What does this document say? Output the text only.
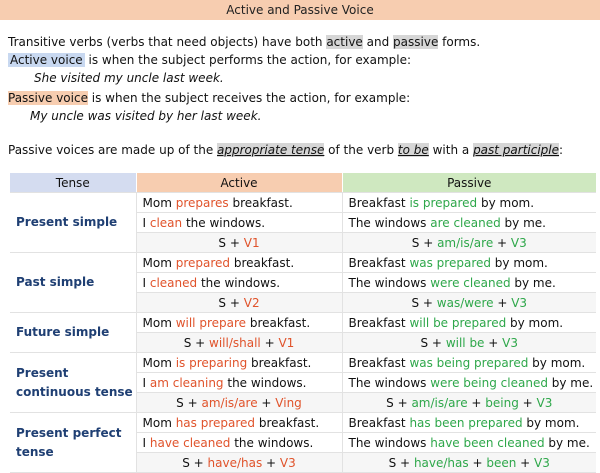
Active and Passive Voice
Transitive verbs (verbs that need objects) have both active and passive forms.
Active voice is when the subject performs the action, for example:
She visited my uncle last week.
Passive voice is when the subject receives the action, for example:
My uncle was visited by her last week.
Passive voices are made up of the appropriate tense of the verb to be with a past participle:
Tense	Active	Passive

Present simple	Mom prepares breakfast.	Breakfast is prepared by mom.
	I clean the windows.	The windows are cleaned by me.
	S + V1	S + am/is/are + V3

Past simple	Mom prepared breakfast.	Breakfast was prepared by mom.
	I cleaned the windows.	The windows were cleaned by me.
	S + V2	S + was/were + V3

Future simple	Mom will prepare breakfast.	Breakfast will be prepared by mom.
	S + will/shall + V1	S + will be + V3

Present
continuous tense	Mom is preparing breakfast.	Breakfast was being prepared by mom.
	I am cleaning the windows.	The windows were being cleaned by me.
	S + am/is/are + Ving	S + am/is/are + being + V3

Present perfect
tense	Mom has prepared breakfast.	Breakfast has been prepared by mom.
	I have cleaned the windows.	The windows have been cleaned by me.
	S + have/has + V3	S + have/has + been + V3
